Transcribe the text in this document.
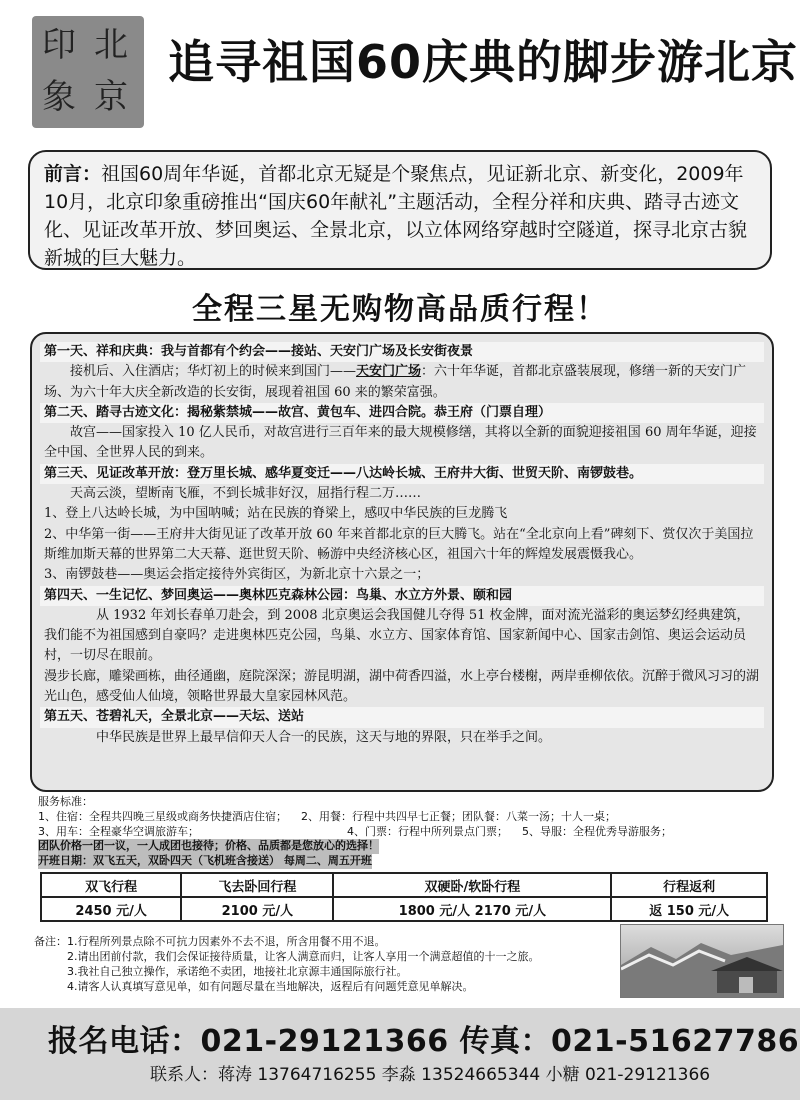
印 北
象 京
追寻祖国60庆典的脚步游北京
前言：祖国60周年华诞，首都北京无疑是个聚焦点，见证新北京、新变化，2009年10月，北京印象重磅推出“国庆60年献礼”主题活动，全程分祥和庆典、踏寻古迹文化、见证改革开放、梦回奥运、全景北京，以立体网络穿越时空隧道，探寻北京古貌新城的巨大魅力。
全程三星无购物高品质行程！

第一天、祥和庆典：我与首都有个约会——接站、天安门广场及长安街夜景

接机后、入住酒店；华灯初上的时候来到国门——天安门广场：六十年华诞，首都北京盛装展现，修缮一新的天安门广场、为六十年大庆全新改造的长安街，展现着祖国 60 来的繁荣富强。

第二天、踏寻古迹文化：揭秘紫禁城——故宫、黄包车、进四合院。恭王府（门票自理）

故宫——国家投入 10 亿人民币，对故宫进行三百年来的最大规模修缮，其将以全新的面貌迎接祖国 60 周年华诞，迎接全中国、全世界人民的到来。

第三天、见证改革开放：登万里长城、感华夏变迁——八达岭长城、王府井大街、世贸天阶、南锣鼓巷。

天高云淡，望断南飞雁，不到长城非好汉，屈指行程二万……

1、登上八达岭长城，为中国呐喊；站在民族的脊梁上，感叹中华民族的巨龙腾飞

2、中华第一街——王府井大街见证了改革开放 60 年来首都北京的巨大腾飞。站在“全北京向上看”碑刻下、赏仅次于美国拉斯维加斯天幕的世界第二大天幕、逛世贸天阶、畅游中央经济核心区，祖国六十年的辉煌发展震慑我心。

3、南锣鼓巷——奥运会指定接待外宾街区，为新北京十六景之一；

第四天、一生记忆、梦回奥运——奥林匹克森林公园：鸟巢、水立方外景、颐和园

从 1932 年刘长春单刀赴会，到 2008 北京奥运会我国健儿夺得 51 枚金牌，面对流光溢彩的奥运梦幻经典建筑，我们能不为祖国感到自豪吗？走进奥林匹克公园，鸟巢、水立方、国家体育馆、国家新闻中心、国家击剑馆、奥运会运动员村，一切尽在眼前。

漫步长廊，雕梁画栋，曲径通幽，庭院深深；游昆明湖，湖中荷香四溢，水上亭台楼榭，两岸垂柳依依。沉醉于微风习习的湖光山色，感受仙人仙境，领略世界最大皇家园林风范。

第五天、苍碧礼天，全景北京——天坛、送站

中华民族是世界上最早信仰天人合一的民族，这天与地的界限，只在举手之间。

服务标准：
1、住宿：全程共四晚三星级或商务快捷酒店住宿； 2、用餐：行程中共四早七正餐；团队餐：八菜一汤；十人一桌；
3、用车：全程豪华空调旅游车；	4、门票：行程中所列景点门票； 5、导服：全程优秀导游服务；
团队价格一团一议，一人成团也接待；价格、品质都是您放心的选择！
开班日期：双飞五天，双卧四天（飞机班含接送） 每周二、周五开班
双飞行程	飞去卧回行程	双硬卧/软卧行程	行程返利
2450 元/人	2100 元/人	1800 元/人 2170 元/人	返 150 元/人
备注：1.行程所列景点除不可抗力因素外不去不退，所含用餐不用不退。
2.请出团前付款，我们会保证接待质量，让客人满意而归，让客人享用一个满意超值的十一之旅。
3.我社自己独立操作，承诺绝不卖团，地接社北京源丰通国际旅行社。
4.请客人认真填写意见单，如有问题尽量在当地解决，返程后有问题凭意见单解决。
报名电话：021-29121366 传真：021-51627786
联系人：蒋涛 13764716255 李淼 13524665344 小糖 021-29121366
